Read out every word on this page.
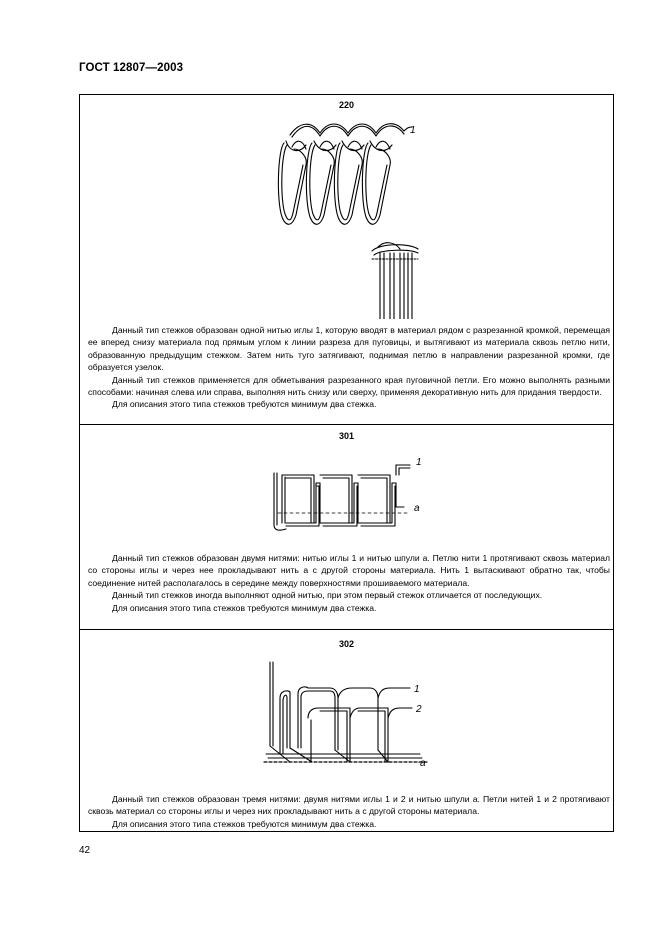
ГОСТ 12807—2003
220
1

Данный тип стежков образован одной нитью иглы 1, которую вводят в материал рядом с разрезанной кромкой, перемещая ее вперед снизу материала под прямым углом к линии разреза для пуговицы, и вытягивают из материала сквозь петлю нити, образованную предыдущим стежком. Затем нить туго затягивают, поднимая петлю в направлении разрезанной кромки, где образуется узелок.

Данный тип стежков применяется для обметывания разрезанного края пуговичной петли. Его можно выполнять разными способами: начиная слева или справа, выполняя нить снизу или сверху, применяя декоративную нить для придания твердости.

Для описания этого типа стежков требуются минимум два стежка.

301
1
a

Данный тип стежков образован двумя нитями: нитью иглы 1 и нитью шпули а. Петлю нити 1 протягивают сквозь материал со стороны иглы и через нее прокладывают нить а с другой стороны материала. Нить 1 вытаскивают обратно так, чтобы соединение нитей располагалось в середине между поверхностями прошиваемого материала.

Данный тип стежков иногда выполняют одной нитью, при этом первый стежок отличается от последующих.

Для описания этого типа стежков требуются минимум два стежка.

302
1
2
a

Данный тип стежков образован тремя нитями: двумя нитями иглы 1 и 2 и нитью шпули а. Петли нитей 1 и 2 протягивают сквозь материал со стороны иглы и через них прокладывают нить а с другой стороны материала.

Для описания этого типа стежков требуются минимум два стежка.

42
